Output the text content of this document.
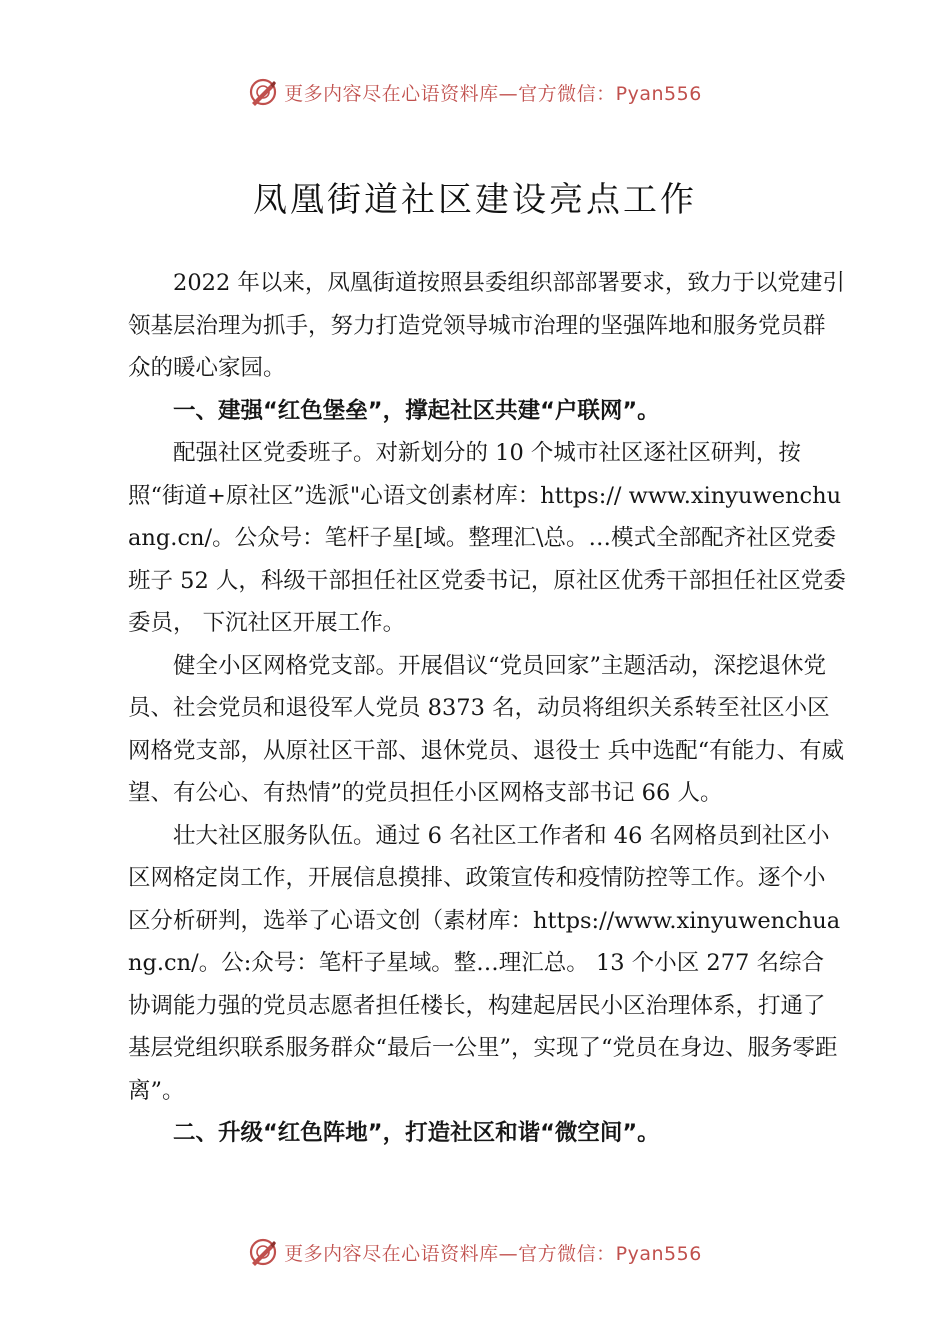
更多内容尽在心语资料库—官方微信：Pyan556
凤凰街道社区建设亮点工作

2022 年以来，凤凰街道按照县委组织部部署要求，致力于以党建引领基层治理为抓手，努力打造党领导城市治理的坚强阵地和服务党员群众的暖心家园。

一、建强“红色堡垒”，撑起社区共建“户联网”。

配强社区党委班子。对新划分的 10 个城市社区逐社区研判，按照“街道+原社区”选派"心语文创素材库：https:// www.xinyuwenchuang.cn/。公众号：笔杆子星[域。整理汇\总。…模式全部配齐社区党委班子 52 人，科级干部担任社区党委书记，原社区优秀干部担任社区党委委员， 下沉社区开展工作。

健全小区网格党支部。开展倡议“党员回家”主题活动，深挖退休党员、社会党员和退役军人党员 8373 名，动员将组织关系转至社区小区网格党支部，从原社区干部、退休党员、退役士 兵中选配“有能力、有威望、有公心、有热情”的党员担任小区网格支部书记 66 人。

壮大社区服务队伍。通过 6 名社区工作者和 46 名网格员到社区小区网格定岗工作，开展信息摸排、政策宣传和疫情防控等工作。逐个小区分析研判，选举了心语文创（素材库：https://www.xinyuwenchuang.cn/。公:众号：笔杆子星域。整…理汇总。 13 个小区 277 名综合协调能力强的党员志愿者担任楼长，构建起居民小区治理体系，打通了基层党组织联系服务群众“最后一公里”，实现了“党员在身边、服务零距离”。

二、升级“红色阵地”，打造社区和谐“微空间”。

更多内容尽在心语资料库—官方微信：Pyan556
